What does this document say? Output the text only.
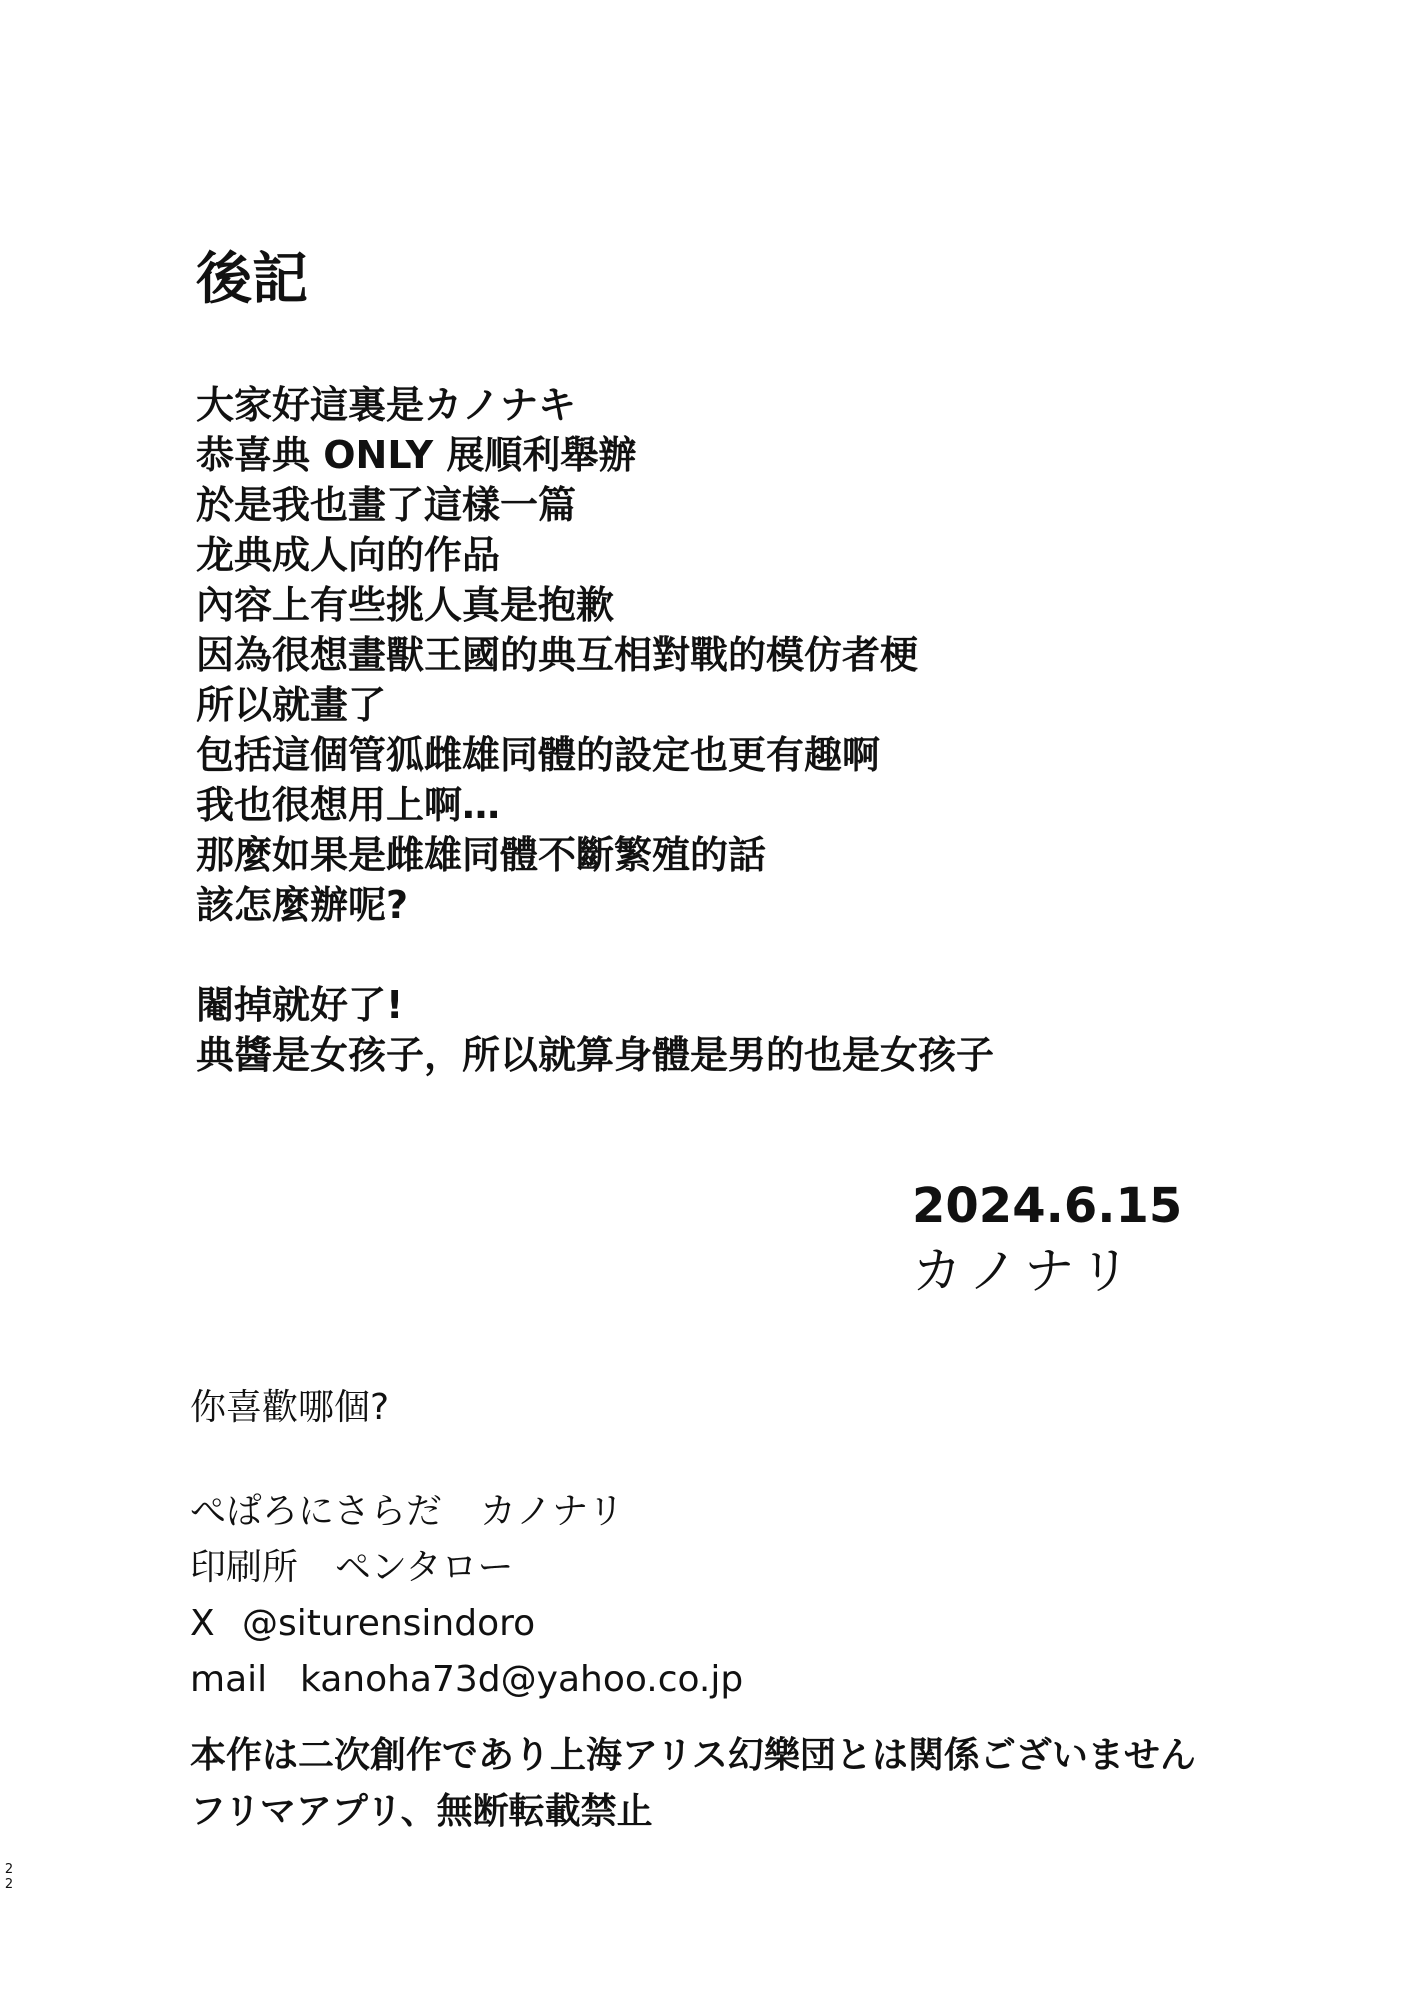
後記
大家好這裏是カノナキ
恭喜典 ONLY 展順利舉辦
於是我也畫了這樣一篇
龙典成人向的作品
內容上有些挑人真是抱歉
因為很想畫獸王國的典互相對戰的模仿者梗
所以就畫了
包括這個管狐雌雄同體的設定也更有趣啊
我也很想用上啊…
那麼如果是雌雄同體不斷繁殖的話
該怎麼辦呢?
閹掉就好了!
典醬是女孩子，所以就算身體是男的也是女孩子
2024.6.15
カノナリ
你喜歡哪個?
ぺぱろにさらだ カノナリ
印刷所 ペンタロー
X @siturensindoro
mail kanoha73d@yahoo.co.jp
本作は二次創作であり上海アリス幻樂団とは関係ございません
フリマアプリ、無断転載禁止
22
